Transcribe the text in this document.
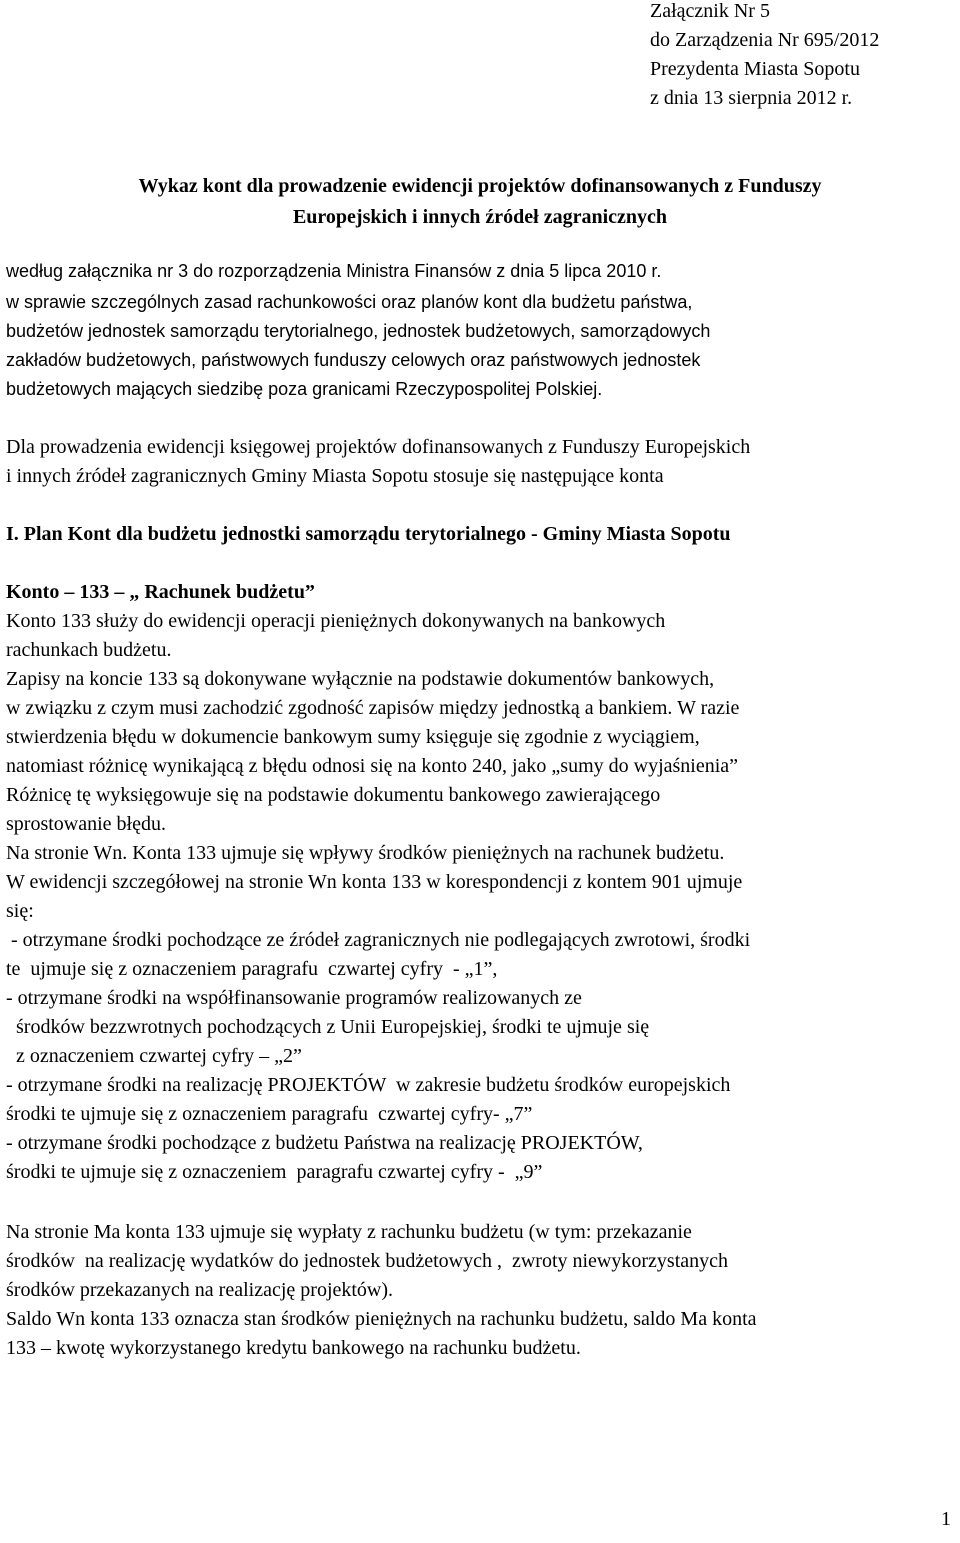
Załącznik Nr 5
do Zarządzenia Nr 695/2012
Prezydenta Miasta Sopotu
z dnia 13 sierpnia 2012 r.
Wykaz kont dla prowadzenie ewidencji projektów dofinansowanych z Funduszy
Europejskich i innych źródeł zagranicznych
według załącznika nr 3 do rozporządzenia Ministra Finansów z dnia 5 lipca 2010 r.
w sprawie szczególnych zasad rachunkowości oraz planów kont dla budżetu państwa,
budżetów jednostek samorządu terytorialnego, jednostek budżetowych, samorządowych
zakładów budżetowych, państwowych funduszy celowych oraz państwowych jednostek
budżetowych mających siedzibę poza granicami Rzeczypospolitej Polskiej.
Dla prowadzenia ewidencji księgowej projektów dofinansowanych z Funduszy Europejskich
i innych źródeł zagranicznych Gminy Miasta Sopotu stosuje się następujące konta
I. Plan Kont dla budżetu jednostki samorządu terytorialnego - Gminy Miasta Sopotu
Konto – 133 – „ Rachunek budżetu”
Konto 133 służy do ewidencji operacji pieniężnych dokonywanych na bankowych
rachunkach budżetu.
Zapisy na koncie 133 są dokonywane wyłącznie na podstawie dokumentów bankowych,
w związku z czym musi zachodzić zgodność zapisów między jednostką a bankiem. W razie
stwierdzenia błędu w dokumencie bankowym sumy księguje się zgodnie z wyciągiem,
natomiast różnicę wynikającą z błędu odnosi się na konto 240, jako „sumy do wyjaśnienia”
Różnicę tę wyksięgowuje się na podstawie dokumentu bankowego zawierającego
sprostowanie błędu.
Na stronie Wn. Konta 133 ujmuje się wpływy środków pieniężnych na rachunek budżetu.
W ewidencji szczegółowej na stronie Wn konta 133 w korespondencji z kontem 901 ujmuje
się:
- otrzymane środki pochodzące ze źródeł zagranicznych nie podlegających zwrotowi, środki
te  ujmuje się z oznaczeniem paragrafu  czwartej cyfry  - „1”,
- otrzymane środki na współfinansowanie programów realizowanych ze
środków bezzwrotnych pochodzących z Unii Europejskiej, środki te ujmuje się
z oznaczeniem czwartej cyfry – „2”
- otrzymane środki na realizację PROJEKTÓW  w zakresie budżetu środków europejskich
środki te ujmuje się z oznaczeniem paragrafu  czwartej cyfry- „7”
- otrzymane środki pochodzące z budżetu Państwa na realizację PROJEKTÓW,
środki te ujmuje się z oznaczeniem  paragrafu czwartej cyfry -  „9”
Na stronie Ma konta 133 ujmuje się wypłaty z rachunku budżetu (w tym: przekazanie
środków  na realizację wydatków do jednostek budżetowych ,  zwroty niewykorzystanych
środków przekazanych na realizację projektów).
Saldo Wn konta 133 oznacza stan środków pieniężnych na rachunku budżetu, saldo Ma konta
133 – kwotę wykorzystanego kredytu bankowego na rachunku budżetu.
1
